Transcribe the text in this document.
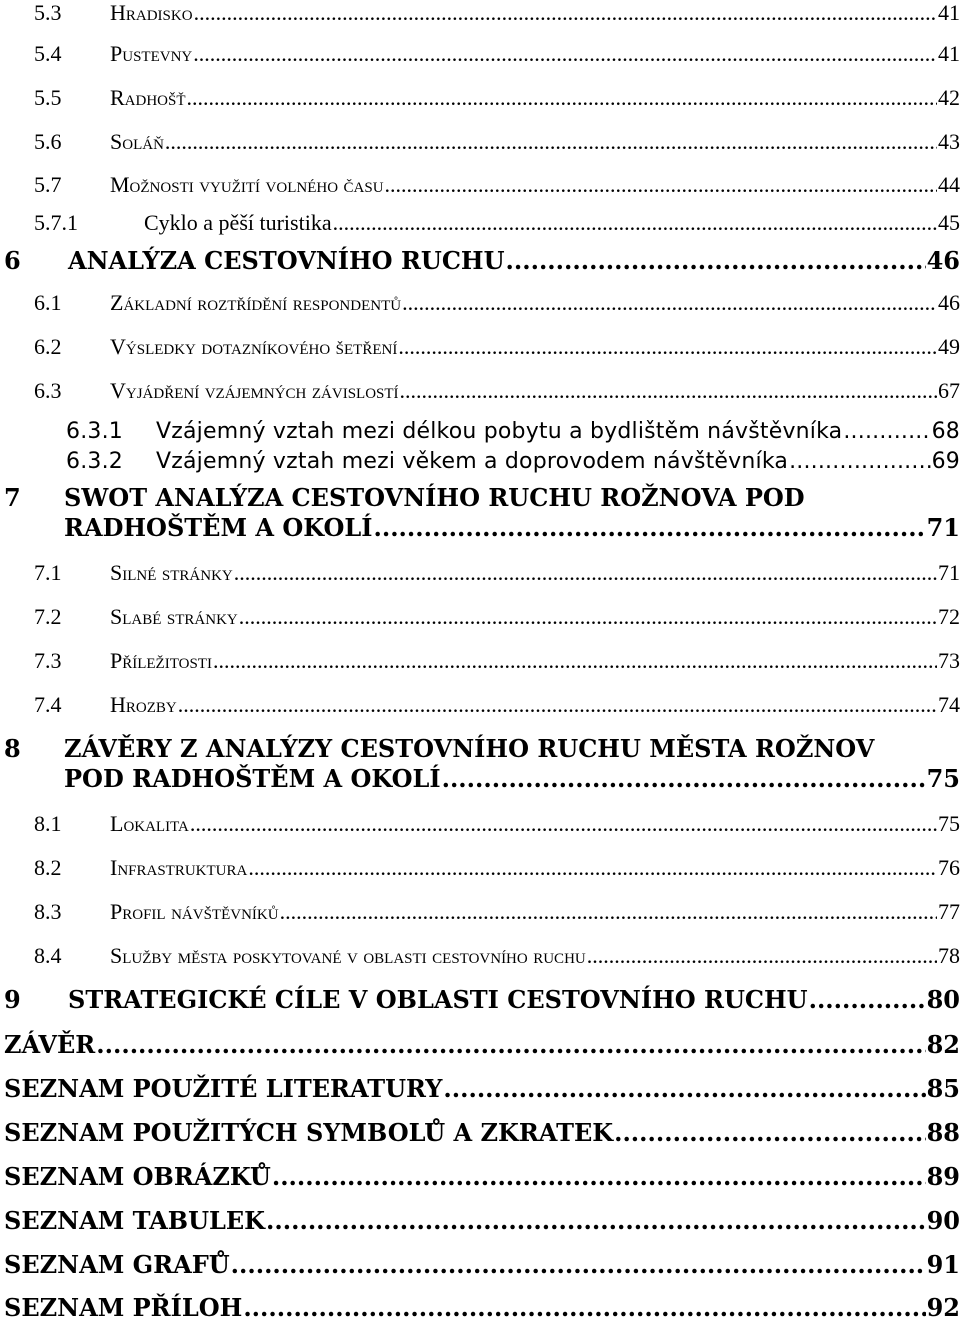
5.3	Hradisko .....	41
5.4	Pustevny .....	41
5.5	Radhošť .....	42
5.6	Soláň .....	43
5.7	Možnosti využití volného času .....	44
5.7.1	Cyklo a pěší turistika .....	45
6	ANALÝZA CESTOVNÍHO RUCHU .....	46
6.1	Základní roztřídění respondentů .....	46
6.2	Výsledky dotazníkového šetření .....	49
6.3	Vyjádření vzájemných závislostí .....	67
6.3.1	Vzájemný vztah mezi délkou pobytu a bydlištěm návštěvníka .....	68
6.3.2	Vzájemný vztah mezi věkem a doprovodem návštěvníka .....	69
7 SWOT ANALÝZA CESTOVNÍHO RUCHU ROŽNOVA POD
RADHOŠTĚM A OKOLÍ .....	71
7.1	Silné stránky .....	71
7.2	Slabé stránky .....	72
7.3	Příležitosti .....	73
7.4	Hrozby .....	74
8 ZÁVĚRY Z ANALÝZY CESTOVNÍHO RUCHU MĚSTA ROŽNOV
POD RADHOŠTĚM A OKOLÍ .....	75
8.1	Lokalita .....	75
8.2	Infrastruktura .....	76
8.3	Profil návštěvníků .....	77
8.4	Služby města poskytované v oblasti cestovního ruchu .....	78
9	STRATEGICKÉ CÍLE V OBLASTI CESTOVNÍHO RUCHU .....	80
ZÁVĚR .....	82
SEZNAM POUŽITÉ LITERATURY .....	85
SEZNAM POUŽITÝCH SYMBOLŮ A ZKRATEK .....	88
SEZNAM OBRÁZKŮ .....	89
SEZNAM TABULEK .....	90
SEZNAM GRAFŮ .....	91
SEZNAM PŘÍLOH .....	92
